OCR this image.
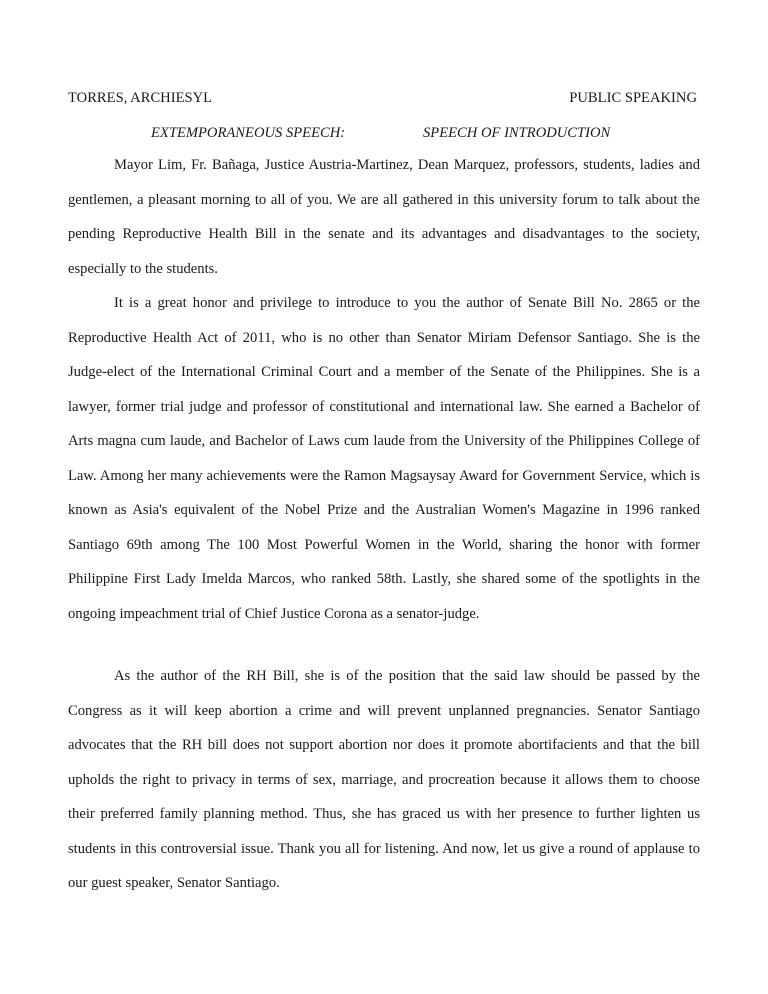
TORRES, ARCHIESYL	PUBLIC SPEAKING
EXTEMPORANEOUS SPEECH:	SPEECH OF INTRODUCTION

Mayor Lim, Fr. Bañaga, Justice Austria-Martinez, Dean Marquez, professors, students, ladies and gentlemen, a pleasant morning to all of you. We are all gathered in this university forum to talk about the pending Reproductive Health Bill in the senate and its advantages and disadvantages to the society, especially to the students.

It is a great honor and privilege to introduce to you the author of Senate Bill No. 2865 or the Reproductive Health Act of 2011, who is no other than Senator Miriam Defensor Santiago. She is the Judge-elect of the International Criminal Court and a member of the Senate of the Philippines. She is a lawyer, former trial judge and professor of constitutional and international law. She earned a Bachelor of Arts magna cum laude, and Bachelor of Laws cum laude from the University of the Philippines College of Law. Among her many achievements were the Ramon Magsaysay Award for Government Service, which is known as Asia's equivalent of the Nobel Prize and the Australian Women's Magazine in 1996 ranked Santiago 69th among The 100 Most Powerful Women in the World, sharing the honor with former Philippine First Lady Imelda Marcos, who ranked 58th. Lastly, she shared some of the spotlights in the ongoing impeachment trial of Chief Justice Corona as a senator-judge.

As the author of the RH Bill, she is of the position that the said law should be passed by the Congress as it will keep abortion a crime and will prevent unplanned pregnancies. Senator Santiago advocates that the RH bill does not support abortion nor does it promote abortifacients and that the bill upholds the right to privacy in terms of sex, marriage, and procreation because it allows them to choose their preferred family planning method. Thus, she has graced us with her presence to further lighten us students in this controversial issue. Thank you all for listening. And now, let us give a round of applause to our guest speaker, Senator Santiago.
